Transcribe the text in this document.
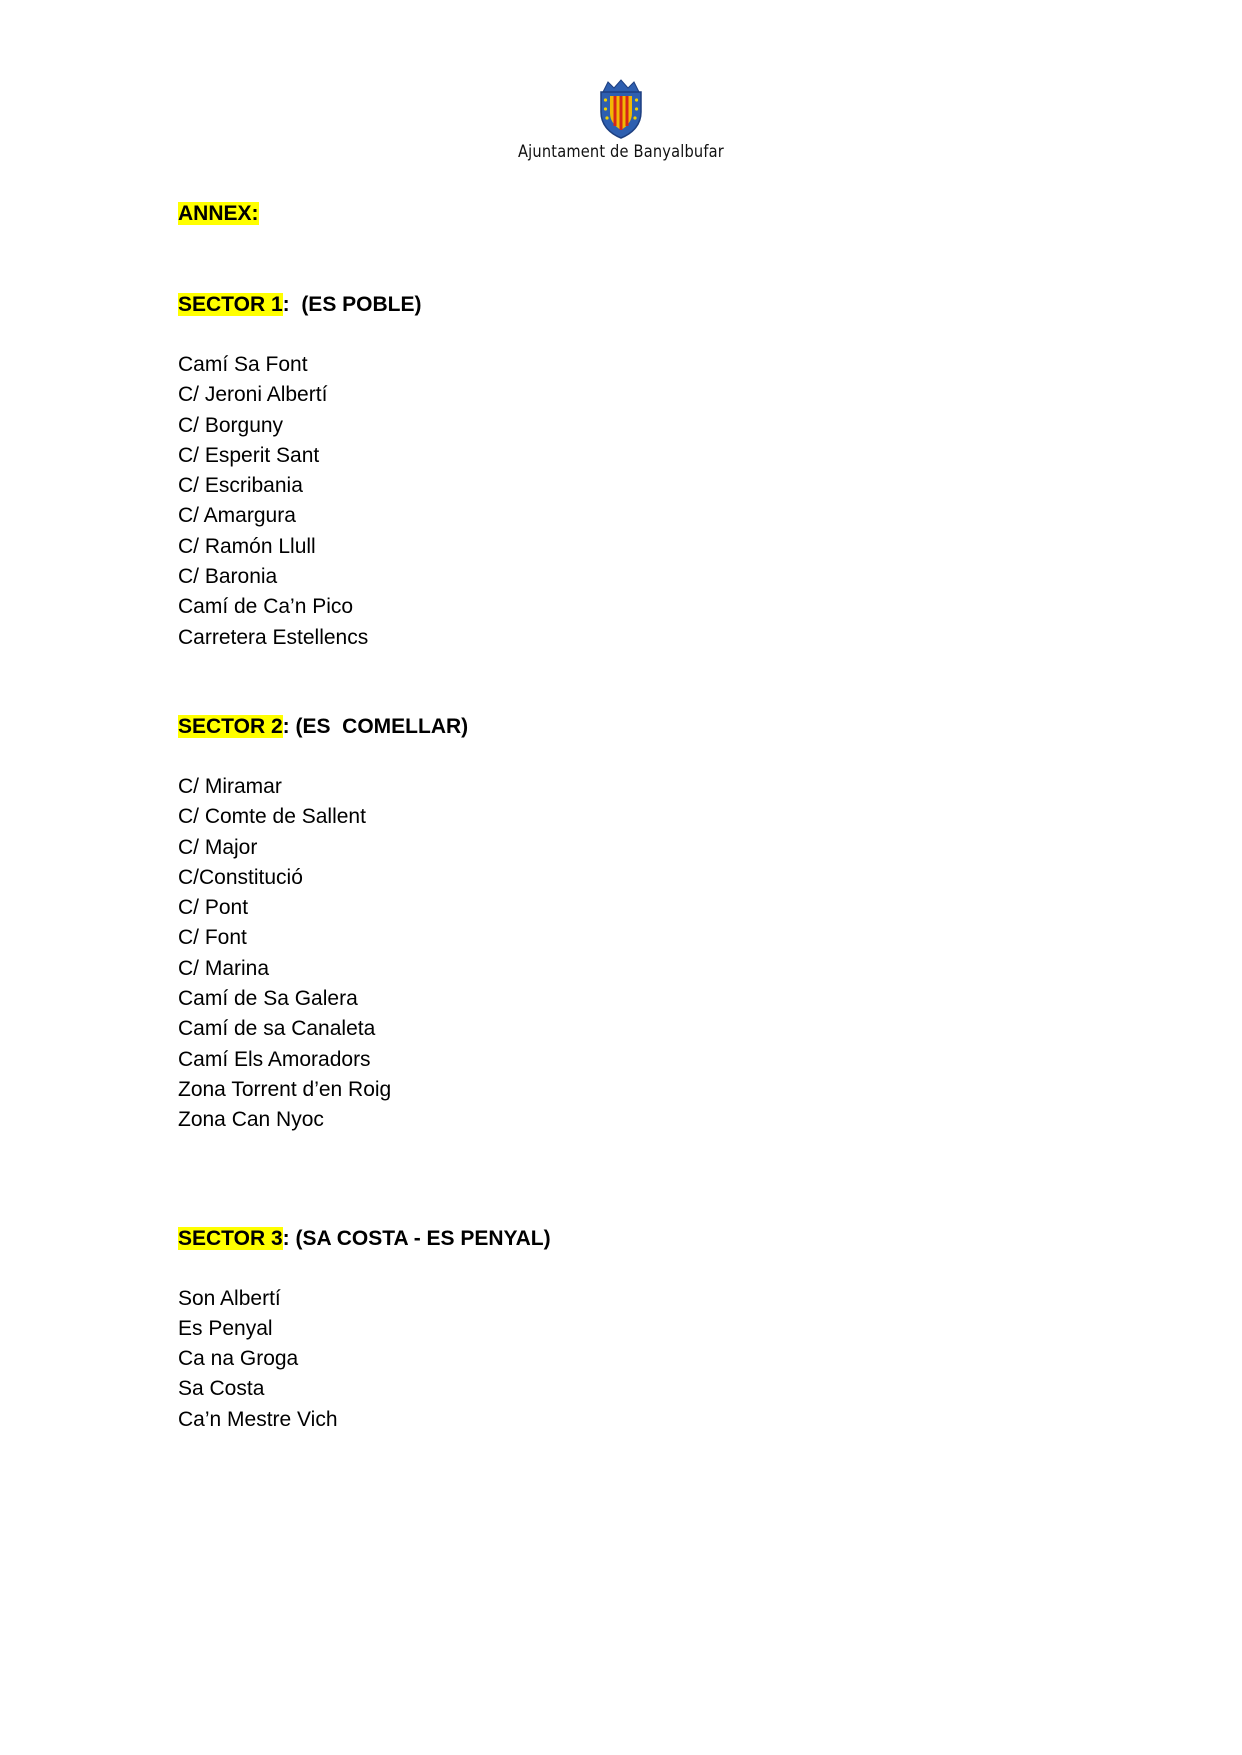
Ajuntament de Banyalbufar
ANNEX:
SECTOR 1:  (ES POBLE)
Camí Sa Font
C/ Jeroni Albertí
C/ Borguny
C/ Esperit Sant
C/ Escribania
C/ Amargura
C/ Ramón Llull
C/ Baronia
Camí de Ca’n Pico
Carretera Estellencs
SECTOR 2: (ES  COMELLAR)
C/ Miramar
C/ Comte de Sallent
C/ Major
C/Constitució
C/ Pont
C/ Font
C/ Marina
Camí de Sa Galera
Camí de sa Canaleta
Camí Els Amoradors
Zona Torrent d’en Roig
Zona Can Nyoc
SECTOR 3: (SA COSTA - ES PENYAL)
Son Albertí
Es Penyal
Ca na Groga
Sa Costa
Ca’n Mestre Vich
